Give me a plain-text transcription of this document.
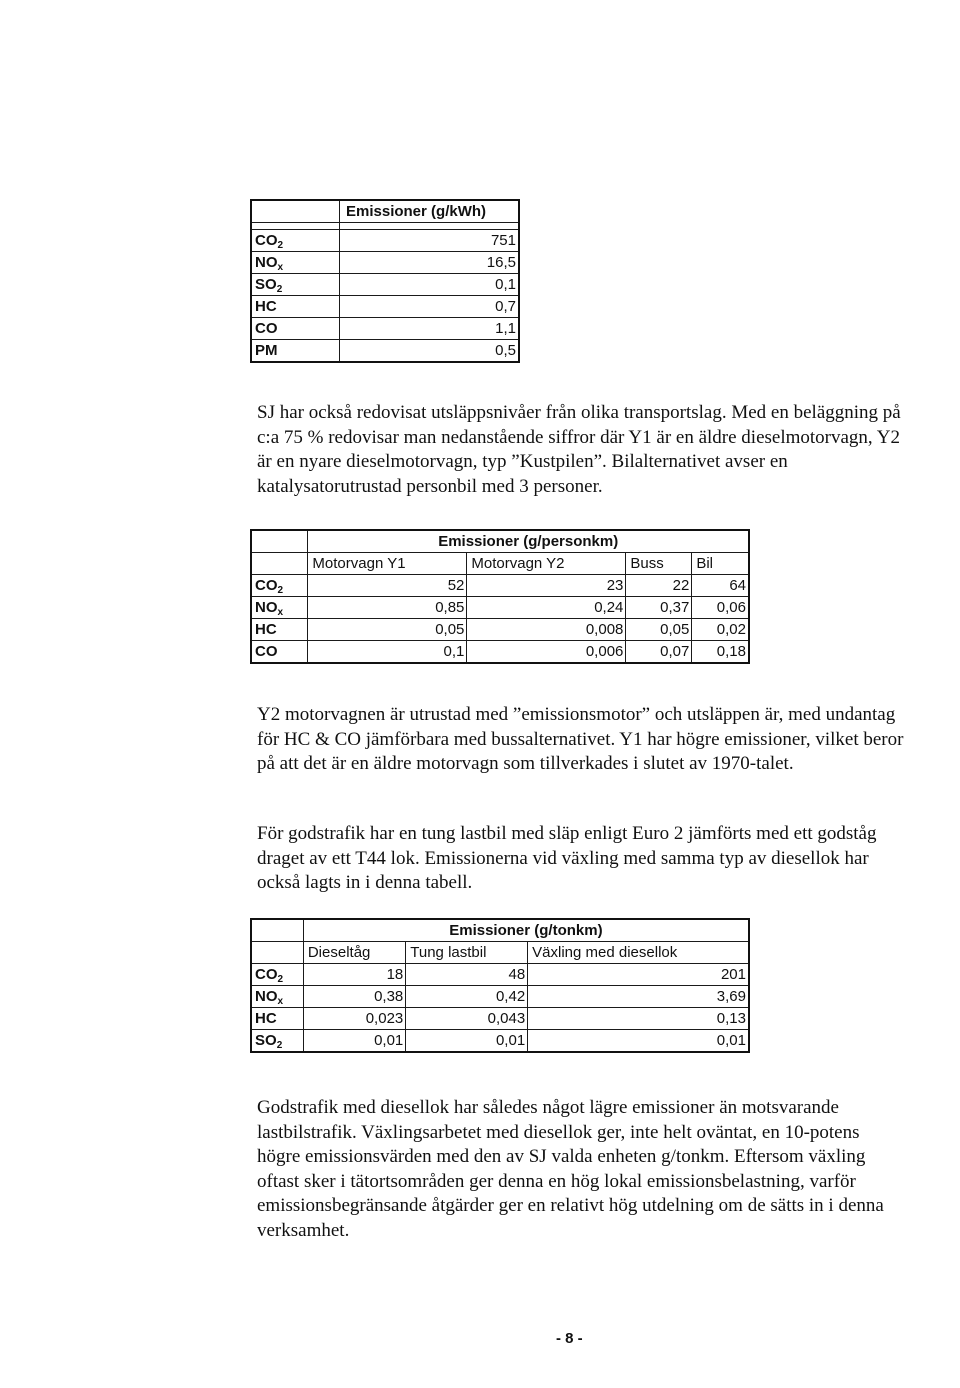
	Emissioner (g/kWh)

$CO_2$	751
$NO_x$	16,5
$SO_2$	0,1
HC	0,7
CO	1,1
PM	0,5

SJ har också redovisat utsläppsnivåer från olika transportslag. Med en beläggning på c:a 75 % redovisar man nedanstående siffror där Y1 är en äldre dieselmotorvagn, Y2 är en nyare dieselmotorvagn, typ ”Kustpilen”. Bilalternativet avser en katalysatorutrustad personbil med 3 personer.

	Emissioner (g/personkm)			
	Motorvagn Y1	Motorvagn Y2	Buss	Bil
$CO_2$	52	23	22	64
$NO_x$	0,85	0,24	0,37	0,06
HC	0,05	0,008	0,05	0,02
CO	0,1	0,006	0,07	0,18

Y2 motorvagnen är utrustad med ”emissionsmotor” och utsläppen är, med undantag för HC & CO jämförbara med bussalternativet. Y1 har högre emissioner, vilket beror på att det är en äldre motorvagn som tillverkades i slutet av 1970-talet.

För godstrafik har en tung lastbil med släp enligt Euro 2 jämförts med ett godståg draget av ett T44 lok. Emissionerna vid växling med samma typ av diesellok har också lagts in i denna tabell.

	Emissioner (g/tonkm)		
	Dieseltåg	Tung lastbil	Växling med diesellok
$CO_2$	18	48	201
$NO_x$	0,38	0,42	3,69
HC	0,023	0,043	0,13
$SO_2$	0,01	0,01	0,01

Godstrafik med diesellok har således något lägre emissioner än motsvarande lastbilstrafik. Växlingsarbetet med diesellok ger, inte helt oväntat, en 10-potens högre emissionsvärden med den av SJ valda enheten g/tonkm. Eftersom växling oftast sker i tätortsområden ger denna en hög lokal emissionsbelastning, varför emissionsbegränsande åtgärder ger en relativt hög utdelning om de sätts in i denna verksamhet.

- 8 -
